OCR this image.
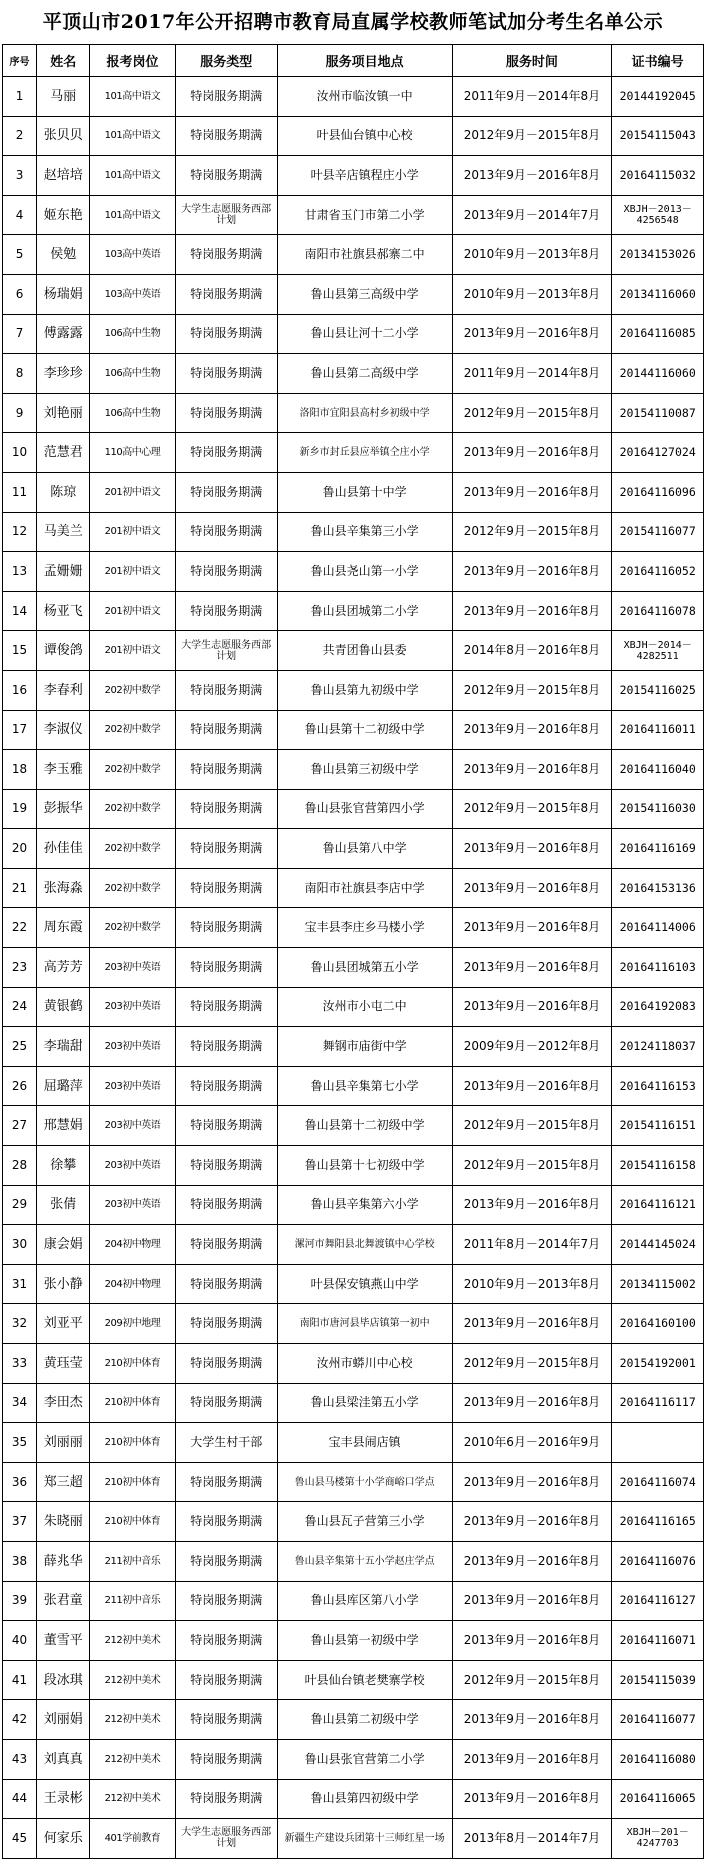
平顶山市2017年公开招聘市教育局直属学校教师笔试加分考生名单公示
序号	姓名	报考岗位	服务类型	服务项目地点	服务时间	证书编号
1	马丽	101高中语文	特岗服务期满	汝州市临汝镇一中	2011年9月－2014年8月	20144192045
2	张贝贝	101高中语文	特岗服务期满	叶县仙台镇中心校	2012年9月－2015年8月	20154115043
3	赵培培	101高中语文	特岗服务期满	叶县辛店镇程庄小学	2013年9月－2016年8月	20164115032
4	姬东艳	101高中语文	大学生志愿服务西部计划	甘肃省玉门市第二小学	2013年9月－2014年7月	XBJH－2013－4256548
5	侯勉	103高中英语	特岗服务期满	南阳市社旗县郝寨二中	2010年9月－2013年8月	20134153026
6	杨瑞娟	103高中英语	特岗服务期满	鲁山县第三高级中学	2010年9月－2013年8月	20134116060
7	傅露露	106高中生物	特岗服务期满	鲁山县让河十二小学	2013年9月－2016年8月	20164116085
8	李珍珍	106高中生物	特岗服务期满	鲁山县第二高级中学	2011年9月－2014年8月	20144116060
9	刘艳丽	106高中生物	特岗服务期满	洛阳市宜阳县高村乡初级中学	2012年9月－2015年8月	20154110087
10	范慧君	110高中心理	特岗服务期满	新乡市封丘县应举镇仝庄小学	2013年9月－2016年8月	20164127024
11	陈琼	201初中语文	特岗服务期满	鲁山县第十中学	2013年9月－2016年8月	20164116096
12	马美兰	201初中语文	特岗服务期满	鲁山县辛集第三小学	2012年9月－2015年8月	20154116077
13	孟姗姗	201初中语文	特岗服务期满	鲁山县尧山第一小学	2013年9月－2016年8月	20164116052
14	杨亚飞	201初中语文	特岗服务期满	鲁山县团城第二小学	2013年9月－2016年8月	20164116078
15	谭俊鸽	201初中语文	大学生志愿服务西部计划	共青团鲁山县委	2014年8月－2016年8月	XBJH－2014－4282511
16	李春利	202初中数学	特岗服务期满	鲁山县第九初级中学	2012年9月－2015年8月	20154116025
17	李淑仪	202初中数学	特岗服务期满	鲁山县第十二初级中学	2013年9月－2016年8月	20164116011
18	李玉雅	202初中数学	特岗服务期满	鲁山县第三初级中学	2013年9月－2016年8月	20164116040
19	彭振华	202初中数学	特岗服务期满	鲁山县张官营第四小学	2012年9月－2015年8月	20154116030
20	孙佳佳	202初中数学	特岗服务期满	鲁山县第八中学	2013年9月－2016年8月	20164116169
21	张海淼	202初中数学	特岗服务期满	南阳市社旗县李店中学	2013年9月－2016年8月	20164153136
22	周东霞	202初中数学	特岗服务期满	宝丰县李庄乡马楼小学	2013年9月－2016年8月	20164114006
23	高芳芳	203初中英语	特岗服务期满	鲁山县团城第五小学	2013年9月－2016年8月	20164116103
24	黄银鹤	203初中英语	特岗服务期满	汝州市小屯二中	2013年9月－2016年8月	20164192083
25	李瑞甜	203初中英语	特岗服务期满	舞钢市庙街中学	2009年9月－2012年8月	20124118037
26	屈璐萍	203初中英语	特岗服务期满	鲁山县辛集第七小学	2013年9月－2016年8月	20164116153
27	邢慧娟	203初中英语	特岗服务期满	鲁山县第十二初级中学	2012年9月－2015年8月	20154116151
28	徐攀	203初中英语	特岗服务期满	鲁山县第十七初级中学	2012年9月－2015年8月	20154116158
29	张倩	203初中英语	特岗服务期满	鲁山县辛集第六小学	2013年9月－2016年8月	20164116121
30	康会娟	204初中物理	特岗服务期满	漯河市舞阳县北舞渡镇中心学校	2011年8月－2014年7月	20144145024
31	张小静	204初中物理	特岗服务期满	叶县保安镇燕山中学	2010年9月－2013年8月	20134115002
32	刘亚平	209初中地理	特岗服务期满	南阳市唐河县毕店镇第一初中	2013年9月－2016年8月	20164160100
33	黄珏莹	210初中体育	特岗服务期满	汝州市蟒川中心校	2012年9月－2015年8月	20154192001
34	李田杰	210初中体育	特岗服务期满	鲁山县梁洼第五小学	2013年9月－2016年8月	20164116117
35	刘丽丽	210初中体育	大学生村干部	宝丰县闹店镇	2010年6月－2016年9月	
36	郑三超	210初中体育	特岗服务期满	鲁山县马楼第十小学商峪口学点	2013年9月－2016年8月	20164116074
37	朱晓丽	210初中体育	特岗服务期满	鲁山县瓦子营第三小学	2013年9月－2016年8月	20164116165
38	薛兆华	211初中音乐	特岗服务期满	鲁山县辛集第十五小学赵庄学点	2013年9月－2016年8月	20164116076
39	张君童	211初中音乐	特岗服务期满	鲁山县库区第八小学	2013年9月－2016年8月	20164116127
40	董雪平	212初中美术	特岗服务期满	鲁山县第一初级中学	2013年9月－2016年8月	20164116071
41	段冰琪	212初中美术	特岗服务期满	叶县仙台镇老樊寨学校	2012年9月－2015年8月	20154115039
42	刘丽娟	212初中美术	特岗服务期满	鲁山县第二初级中学	2013年9月－2016年8月	20164116077
43	刘真真	212初中美术	特岗服务期满	鲁山县张官营第二小学	2013年9月－2016年8月	20164116080
44	王录彬	212初中美术	特岗服务期满	鲁山县第四初级中学	2013年9月－2016年8月	20164116065
45	何家乐	401学前教育	大学生志愿服务西部计划	新疆生产建设兵团第十三师红星一场	2013年8月－2014年7月	XBJH－201－4247703
